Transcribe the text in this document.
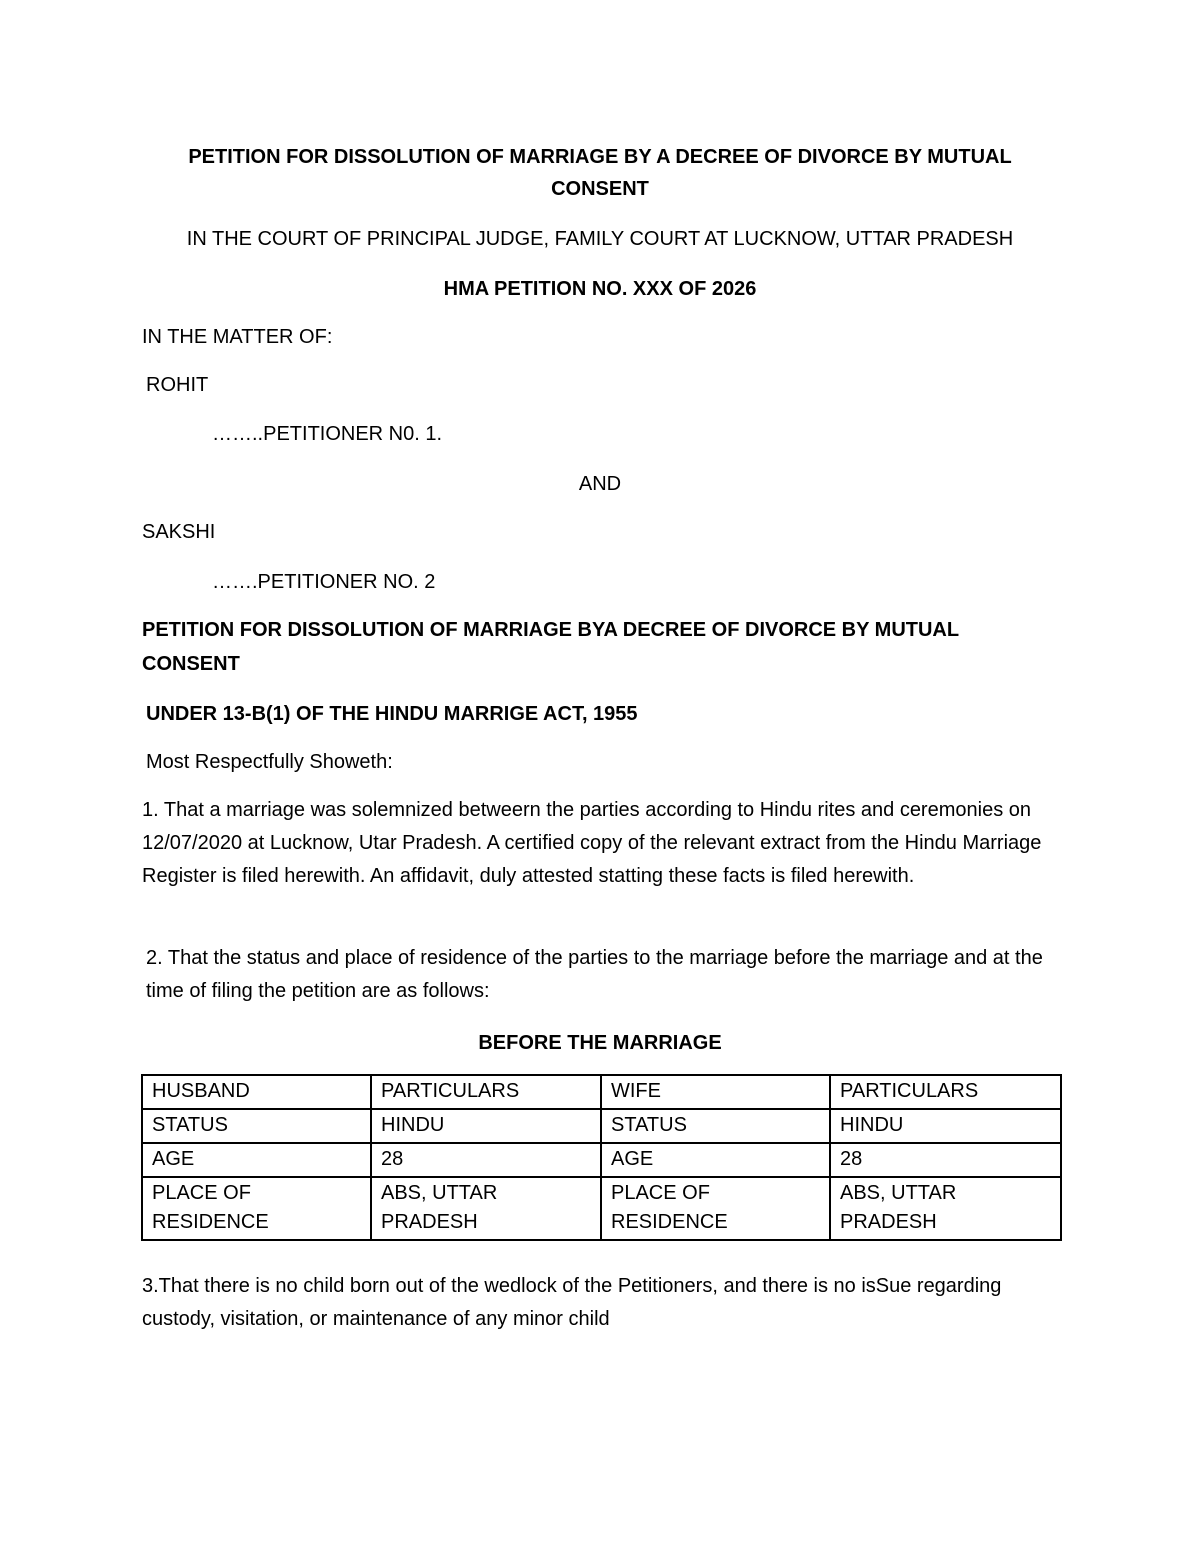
PETITION FOR DISSOLUTION OF MARRIAGE BY A DECREE OF DIVORCE BY MUTUAL
CONSENT
IN THE COURT OF PRINCIPAL JUDGE, FAMILY COURT AT LUCKNOW, UTTAR PRADESH
HMA PETITION NO. XXX OF 2026
IN THE MATTER OF:
ROHIT
……..PETITIONER N0. 1.
AND
SAKSHI
…….PETITIONER NO. 2
PETITION FOR DISSOLUTION OF MARRIAGE BYA DECREE OF DIVORCE BY MUTUAL
CONSENT
UNDER 13-B(1) OF THE HINDU MARRIGE ACT, 1955
Most Respectfully Showeth:
1. That a marriage was solemnized betweern the parties according to Hindu rites and ceremonies on 12/07/2020 at Lucknow, Utar Pradesh. A certified copy of the relevant extract from the Hindu Marriage Register is filed herewith. An affidavit, duly attested statting these facts is filed herewith.
2. That the status and place of residence of the parties to the marriage before the marriage and at the time of filing the petition are as follows:
BEFORE THE MARRIAGE
HUSBAND	PARTICULARS	WIFE	PARTICULARS
STATUS	HINDU	STATUS	HINDU
AGE	28	AGE	28
PLACE OF RESIDENCE	ABS, UTTAR PRADESH	PLACE OF RESIDENCE	ABS, UTTAR PRADESH
3.That there is no child born out of the wedlock of the Petitioners, and there is no isSue regarding custody, visitation, or maintenance of any minor child
